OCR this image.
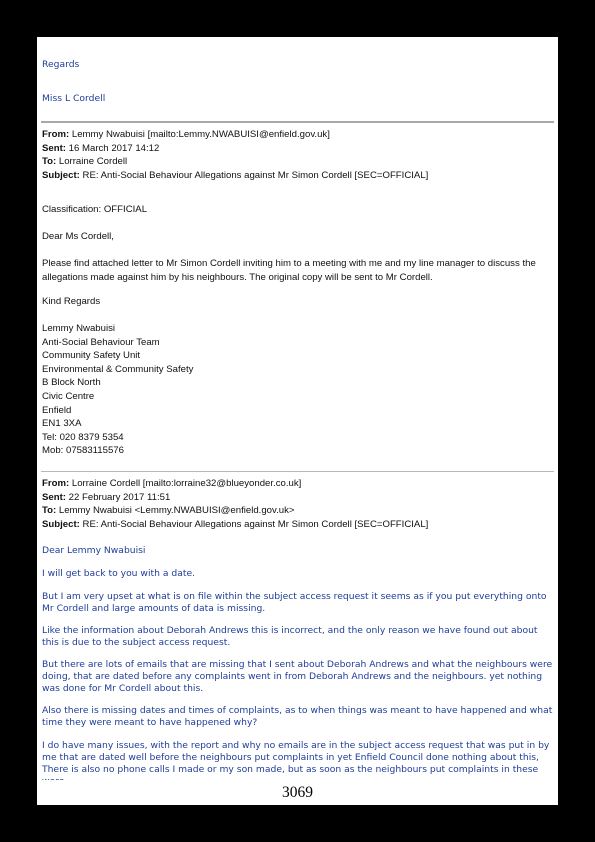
Regards
Miss L Cordell
From: Lemmy Nwabuisi [mailto:Lemmy.NWABUISI@enfield.gov.uk]
Sent: 16 March 2017 14:12
To: Lorraine Cordell
Subject: RE: Anti-Social Behaviour Allegations against Mr Simon Cordell [SEC=OFFICIAL]
Classification: OFFICIAL
Dear Ms Cordell,
Please find attached letter to Mr Simon Cordell inviting him to a meeting with me and my line manager to discuss the allegations made against him by his neighbours. The original copy will be sent to Mr Cordell.
Kind Regards
Lemmy Nwabuisi
Anti-Social Behaviour Team
Community Safety Unit
Environmental & Community Safety
B Block North
Civic Centre
Enfield
EN1 3XA
Tel: 020 8379 5354
Mob: 07583115576
From: Lorraine Cordell [mailto:lorraine32@blueyonder.co.uk]
Sent: 22 February 2017 11:51
To: Lemmy Nwabuisi <Lemmy.NWABUISI@enfield.gov.uk>
Subject: RE: Anti-Social Behaviour Allegations against Mr Simon Cordell [SEC=OFFICIAL]
Dear Lemmy Nwabuisi
I will get back to you with a date.
But I am very upset at what is on file within the subject access request it seems as if you put everything onto Mr Cordell and large amounts of data is missing.
Like the information about Deborah Andrews this is incorrect, and the only reason we have found out about this is due to the subject access request.
But there are lots of emails that are missing that I sent about Deborah Andrews and what the neighbours were doing, that are dated before any complaints went in from Deborah Andrews and the neighbours. yet nothing was done for Mr Cordell about this.
Also there is missing dates and times of complaints, as to when things was meant to have happened and what time they were meant to have happened why?
I do have many issues, with the report and why no emails are in the subject access request that was put in by me that are dated well before the neighbours put complaints in yet Enfield Council done nothing about this, There is also no phone calls I made or my son made, but as soon as the neighbours put complaints in these
3069
